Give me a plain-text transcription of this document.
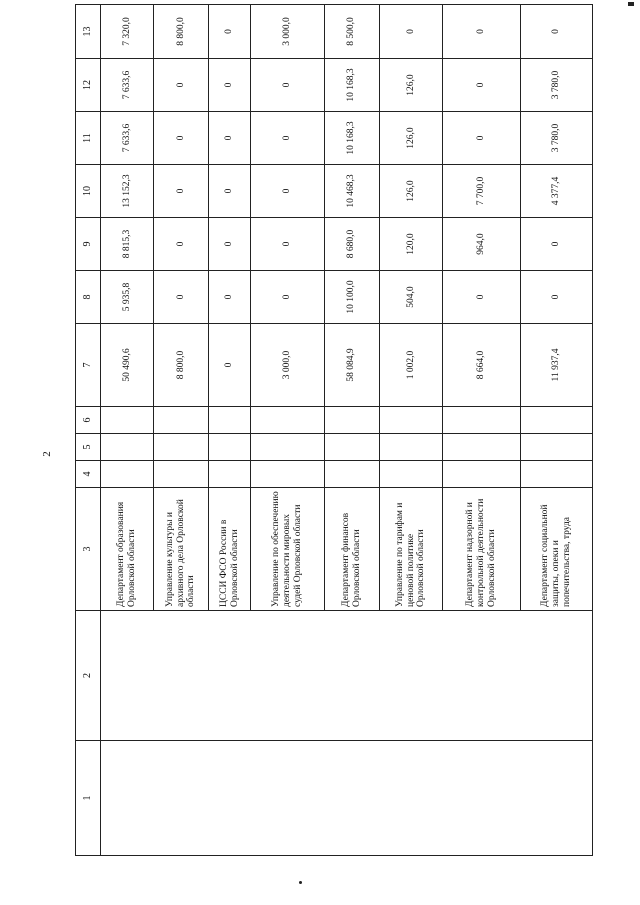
2
1	2	3	4	5	6	7	8	9	10	11	12	13
		Департамент образования Орловской области				50 490,6	5 935,8	8 815,3	13 152,3	7 633,6	7 633,6	7 320,0
		Управление культуры и архивного дела Орловской области				8 800,0	0	0	0	0	0	8 800,0
		ЦССИ ФСО России в Орловской области				0	0	0	0	0	0	0
		Управление по обеспечению деятельности мировых судей Орловской области				3 000,0	0	0	0	0	0	3 000,0
		Департамент финансов Орловской области				58 084,9	10 100,0	8 680,0	10 468,3	10 168,3	10 168,3	8 500,0
		Управление по тарифам и ценовой политике Орловской области				1 002,0	504,0	120,0	126,0	126,0	126,0	0
		Департамент надзорной и контрольной деятельности Орловской области				8 664,0	0	964,0	7 700,0	0	0	0
		Департамент социальной защиты, опеки и попечительства, труда				11 937,4	0	0	4 377,4	3 780,0	3 780,0	0
